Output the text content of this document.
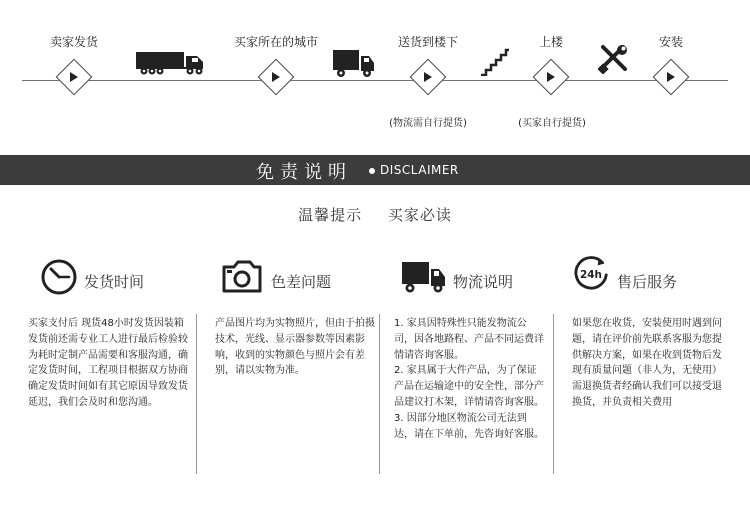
卖家发货	买家所在的城市	送货到楼下	上楼	安装
(物流需自行提货)	(买家自行提货)
免责说明 DISCLAIMER
温馨提示 买家必读
发货时间

买家支付后 现货48小时发货因装箱发货前还需专业工人进行最后检验较为耗时定制产品需要和客服沟通，确定发货时间，工程项目根据双方协商确定发货时间如有其它原因导致发货延迟，我们会及时和您沟通。

色差问题

产品图片均为实物照片，但由于拍摄技术，光线、显示器参数等因素影响，收到的实物颜色与照片会有差别，请以实物为准。

物流说明

1. 家具因特殊性只能发物流公司，因各地路程、产品不同运费详情请咨询客服。

2. 家具属于大件产品，为了保证产品在运输途中的安全性，部分产品建议打木架，详情请咨询客服。

3. 因部分地区物流公司无法到达，请在下单前，先咨询好客服。

24h 售后服务

如果您在收货，安装使用时遇到问题，请在评价前先联系客服为您提供解决方案，如果在收到货物后发现有质量问题（非人为，无使用）需退换货者经确认我们可以接受退换货，并负责相关费用
